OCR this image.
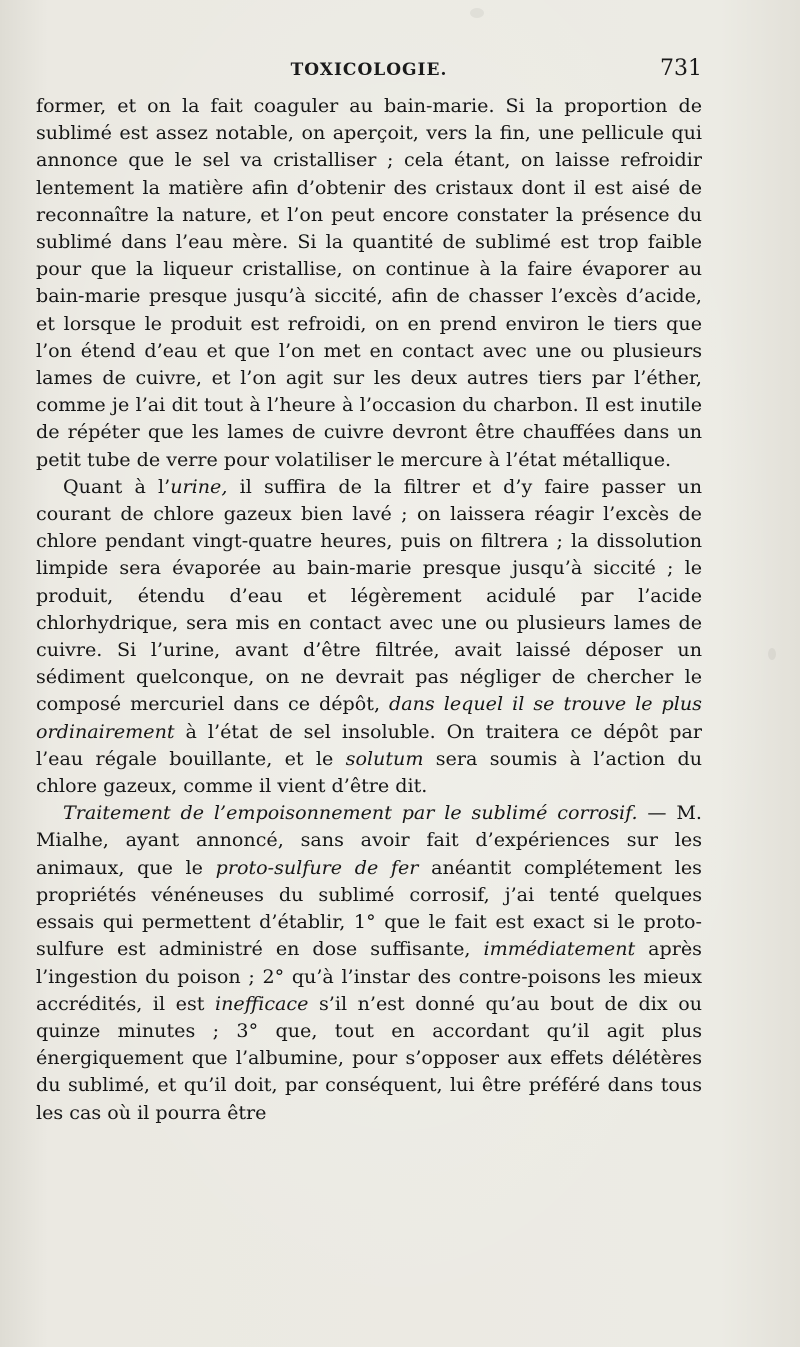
TOXICOLOGIE.	731

former, et on la fait coaguler au bain-marie. Si la proportion de sublimé est assez notable, on aperçoit, vers la fin, une pellicule qui annonce que le sel va cristalliser ; cela étant, on laisse refroidir lentement la matière afin d’obtenir des cristaux dont il est aisé de reconnaître la nature, et l’on peut encore constater la présence du sublimé dans l’eau mère. Si la quantité de sublimé est trop faible pour que la liqueur cristallise, on continue à la faire évaporer au bain-marie presque jusqu’à siccité, afin de chasser l’excès d’acide, et lorsque le produit est refroidi, on en prend environ le tiers que l’on étend d’eau et que l’on met en contact avec une ou plusieurs lames de cuivre, et l’on agit sur les deux autres tiers par l’éther, comme je l’ai dit tout à l’heure à l’occasion du charbon. Il est inutile de répéter que les lames de cuivre devront être chauffées dans un petit tube de verre pour volatiliser le mercure à l’état métallique.

Quant à l’urine, il suffira de la filtrer et d’y faire passer un courant de chlore gazeux bien lavé ; on laissera réagir l’excès de chlore pendant vingt-quatre heures, puis on filtrera ; la dissolution limpide sera évaporée au bain-marie presque jusqu’à siccité ; le produit, étendu d’eau et légèrement acidulé par l’acide chlorhydrique, sera mis en contact avec une ou plusieurs lames de cuivre. Si l’urine, avant d’être filtrée, avait laissé déposer un sédiment quelconque, on ne devrait pas négliger de chercher le composé mercuriel dans ce dépôt, dans lequel il se trouve le plus ordinairement à l’état de sel insoluble. On traitera ce dépôt par l’eau régale bouillante, et le solutum sera soumis à l’action du chlore gazeux, comme il vient d’être dit.

Traitement de l’empoisonnement par le sublimé corrosif. — M. Mialhe, ayant annoncé, sans avoir fait d’expériences sur les animaux, que le proto-sulfure de fer anéantit complétement les propriétés vénéneuses du sublimé corrosif, j’ai tenté quelques essais qui permettent d’établir, 1° que le fait est exact si le proto-sulfure est administré en dose suffisante, immédiatement après l’ingestion du poison ; 2° qu’à l’instar des contre-poisons les mieux accrédités, il est inefficace s’il n’est donné qu’au bout de dix ou quinze minutes ; 3° que, tout en accordant qu’il agit plus énergiquement que l’albumine, pour s’opposer aux effets délétères du sublimé, et qu’il doit, par conséquent, lui être préféré dans tous les cas où il pourra être
